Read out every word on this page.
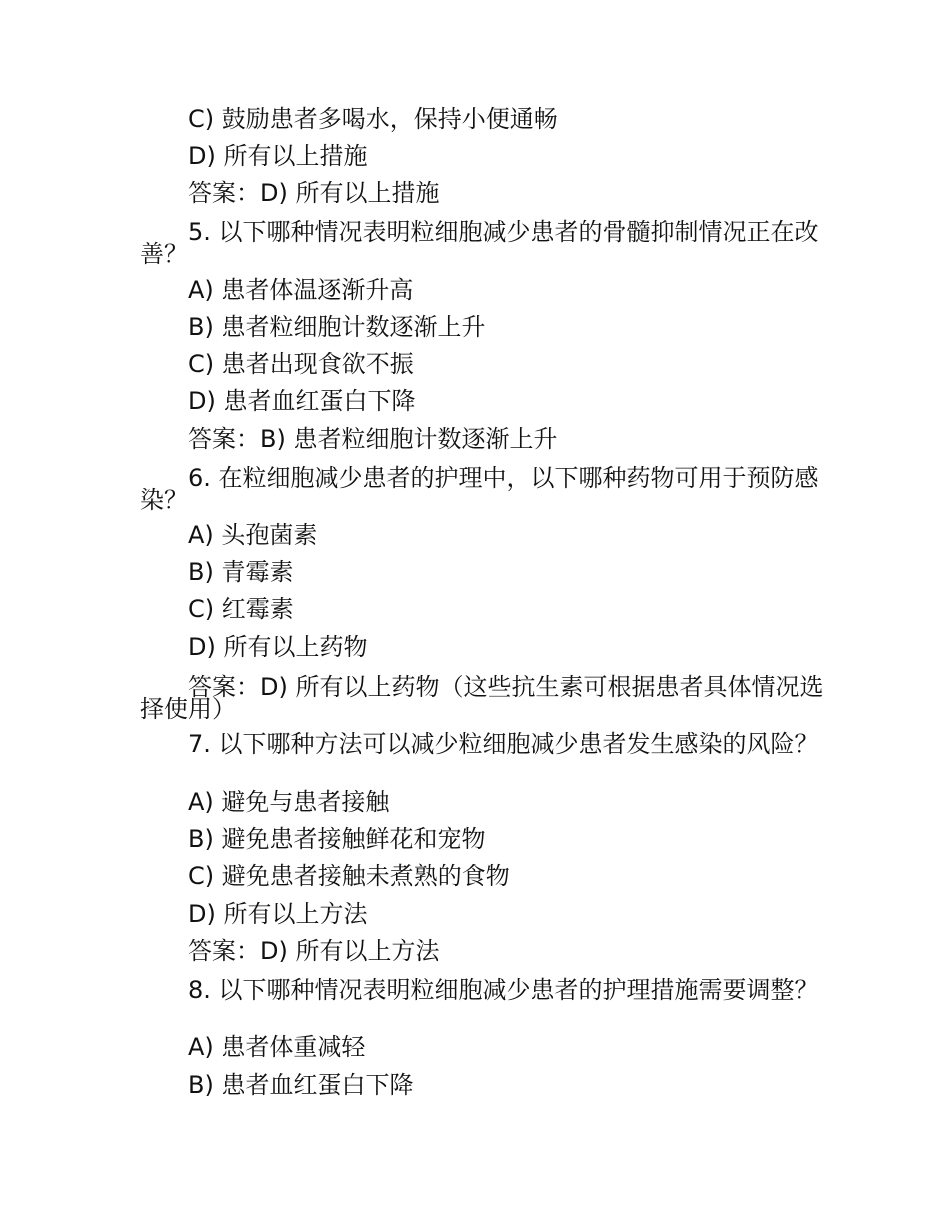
C) 鼓励患者多喝水，保持小便通畅
D) 所有以上措施
答案：D) 所有以上措施
5. 以下哪种情况表明粒细胞减少患者的骨髓抑制情况正在改善？
A) 患者体温逐渐升高
B) 患者粒细胞计数逐渐上升
C) 患者出现食欲不振
D) 患者血红蛋白下降
答案：B) 患者粒细胞计数逐渐上升
6. 在粒细胞减少患者的护理中，以下哪种药物可用于预防感染？
A) 头孢菌素
B) 青霉素
C) 红霉素
D) 所有以上药物
答案：D) 所有以上药物（这些抗生素可根据患者具体情况选择使用）
7. 以下哪种方法可以减少粒细胞减少患者发生感染的风险？
A) 避免与患者接触
B) 避免患者接触鲜花和宠物
C) 避免患者接触未煮熟的食物
D) 所有以上方法
答案：D) 所有以上方法
8. 以下哪种情况表明粒细胞减少患者的护理措施需要调整？
A) 患者体重减轻
B) 患者血红蛋白下降
